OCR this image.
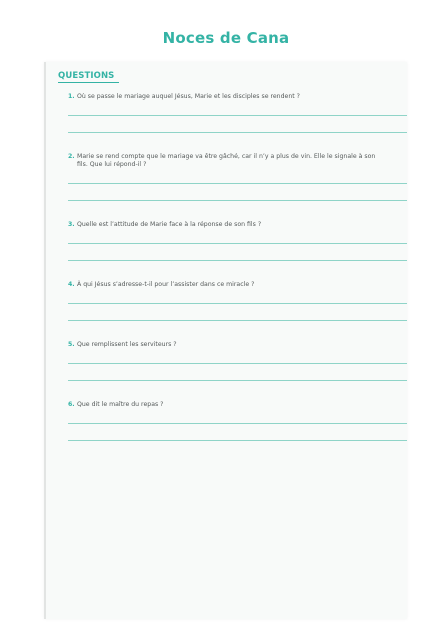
Noces de Cana
QUESTIONS
1. Où se passe le mariage auquel Jésus, Marie et les disciples se rendent ?
2. Marie se rend compte que le mariage va être gâché, car il n’y a plus de vin. Elle le signale à son fils. Que lui répond-il ?
3. Quelle est l’attitude de Marie face à la réponse de son fils ?
4. À qui Jésus s’adresse-t-il pour l’assister dans ce miracle ?
5. Que remplissent les serviteurs ?
6. Que dit le maître du repas ?
